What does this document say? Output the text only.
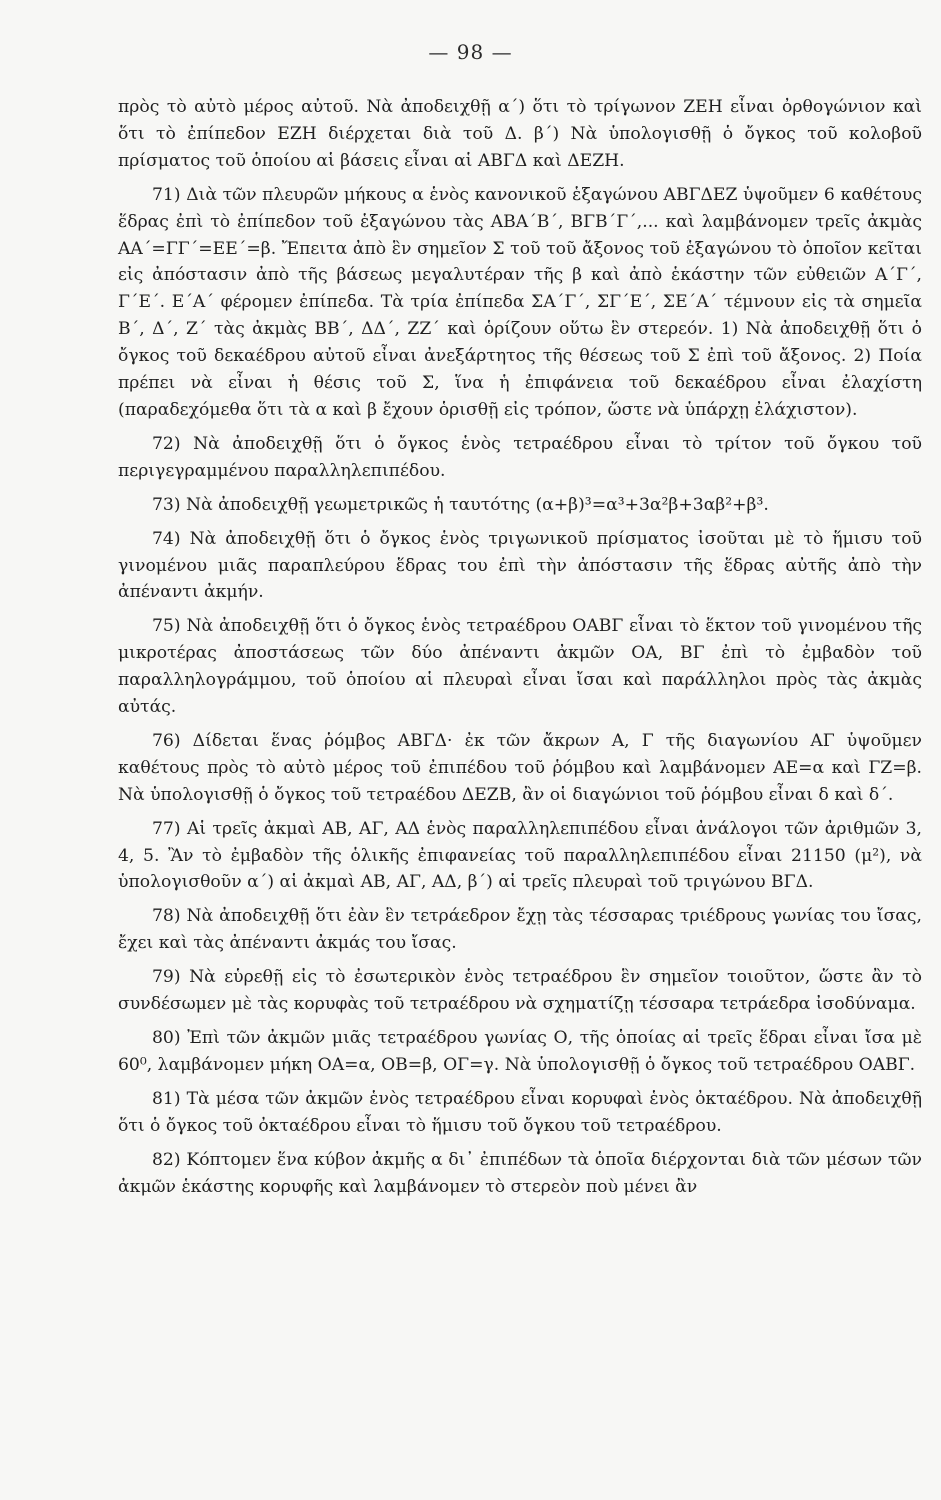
— 98 —

πρὸς τὸ αὐτὸ μέρος αὐτοῦ. Νὰ ἀποδειχθῇ α΄) ὅτι τὸ τρίγωνον ΖΕΗ εἶναι ὀρθογώνιον καὶ ὅτι τὸ ἐπίπεδον ΕΖΗ διέρχεται διὰ τοῦ Δ. β΄) Νὰ ὑπολογισθῇ ὁ ὄγκος τοῦ κολοβοῦ πρίσματος τοῦ ὁποίου αἱ βάσεις εἶναι αἱ ΑΒΓΔ καὶ ΔΕΖΗ.

71) Διὰ τῶν πλευρῶν μήκους α ἑνὸς κανονικοῦ ἑξαγώνου ΑΒΓΔΕΖ ὑψοῦμεν 6 καθέτους ἕδρας ἐπὶ τὸ ἐπίπεδον τοῦ ἑξαγώνου τὰς ΑΒΑ΄Β΄, ΒΓΒ΄Γ΄,... καὶ λαμβάνομεν τρεῖς ἀκμὰς ΑΑ΄=ΓΓ΄=ΕΕ΄=β. Ἔπειτα ἀπὸ ἓν σημεῖον Σ τοῦ τοῦ ἄξονος τοῦ ἑξαγώνου τὸ ὁποῖον κεῖται εἰς ἀπόστασιν ἀπὸ τῆς βάσεως μεγαλυτέραν τῆς β καὶ ἀπὸ ἑκάστην τῶν εὐθειῶν Α΄Γ΄, Γ΄Ε΄. Ε΄Α΄ φέρομεν ἐπίπεδα. Τὰ τρία ἐπίπεδα ΣΑ΄Γ΄, ΣΓ΄Ε΄, ΣΕ΄Α΄ τέμνουν εἰς τὰ σημεῖα Β΄, Δ΄, Ζ΄ τὰς ἀκμὰς ΒΒ΄, ΔΔ΄, ΖΖ΄ καὶ ὁρίζουν οὕτω ἓν στερεόν. 1) Νὰ ἀποδειχθῇ ὅτι ὁ ὄγκος τοῦ δεκαέδρου αὐτοῦ εἶναι ἀνεξάρτητος τῆς θέσεως τοῦ Σ ἐπὶ τοῦ ἄξονος. 2) Ποία πρέπει νὰ εἶναι ἡ θέσις τοῦ Σ, ἵνα ἡ ἐπιφάνεια τοῦ δεκαέδρου εἶναι ἐλαχίστη (παραδεχόμεθα ὅτι τὰ α καὶ β ἔχουν ὁρισθῇ εἰς τρόπον, ὥστε νὰ ὑπάρχῃ ἐλάχιστον).

72) Νὰ ἀποδειχθῇ ὅτι ὁ ὄγκος ἑνὸς τετραέδρου εἶναι τὸ τρίτον τοῦ ὄγκου τοῦ περιγεγραμμένου παραλληλεπιπέδου.

73) Νὰ ἀποδειχθῇ γεωμετρικῶς ἡ ταυτότης (α+β)³=α³+3α²β+3αβ²+β³.

74) Νὰ ἀποδειχθῇ ὅτι ὁ ὄγκος ἑνὸς τριγωνικοῦ πρίσματος ἰσοῦται μὲ τὸ ἥμισυ τοῦ γινομένου μιᾶς παραπλεύρου ἕδρας του ἐπὶ τὴν ἀπόστασιν τῆς ἕδρας αὐτῆς ἀπὸ τὴν ἀπέναντι ἀκμήν.

75) Νὰ ἀποδειχθῇ ὅτι ὁ ὄγκος ἑνὸς τετραέδρου ΟΑΒΓ εἶναι τὸ ἕκτον τοῦ γινομένου τῆς μικροτέρας ἀποστάσεως τῶν δύο ἀπέναντι ἀκμῶν ΟΑ, ΒΓ ἐπὶ τὸ ἐμβαδὸν τοῦ παραλληλογράμμου, τοῦ ὁποίου αἱ πλευραὶ εἶναι ἴσαι καὶ παράλληλοι πρὸς τὰς ἀκμὰς αὐτάς.

76) Δίδεται ἕνας ῥόμβος ΑΒΓΔ· ἐκ τῶν ἄκρων Α, Γ τῆς διαγωνίου ΑΓ ὑψοῦμεν καθέτους πρὸς τὸ αὐτὸ μέρος τοῦ ἐπιπέδου τοῦ ῥόμβου καὶ λαμβάνομεν ΑΕ=α καὶ ΓΖ=β. Νὰ ὑπολογισθῇ ὁ ὄγκος τοῦ τετραέδου ΔΕΖΒ, ἂν οἱ διαγώνιοι τοῦ ῥόμβου εἶναι δ καὶ δ΄.

77) Αἱ τρεῖς ἀκμαὶ ΑΒ, ΑΓ, ΑΔ ἑνὸς παραλληλεπιπέδου εἶναι ἀνάλογοι τῶν ἀριθμῶν 3, 4, 5. Ἂν τὸ ἐμβαδὸν τῆς ὁλικῆς ἐπιφανείας τοῦ παραλληλεπιπέδου εἶναι 21150 (μ²), νὰ ὑπολογισθοῦν α΄) αἱ ἀκμαὶ ΑΒ, ΑΓ, ΑΔ, β΄) αἱ τρεῖς πλευραὶ τοῦ τριγώνου ΒΓΔ.

78) Νὰ ἀποδειχθῇ ὅτι ἐὰν ἓν τετράεδρον ἔχῃ τὰς τέσσαρας τριέδρους γωνίας του ἴσας, ἔχει καὶ τὰς ἀπέναντι ἀκμάς του ἴσας.

79) Νὰ εὑρεθῇ εἰς τὸ ἐσωτερικὸν ἑνὸς τετραέδρου ἓν σημεῖον τοιοῦτον, ὥστε ἂν τὸ συνδέσωμεν μὲ τὰς κορυφὰς τοῦ τετραέδρου νὰ σχηματίζῃ τέσσαρα τετράεδρα ἰσοδύναμα.

80) Ἐπὶ τῶν ἀκμῶν μιᾶς τετραέδρου γωνίας Ο, τῆς ὁποίας αἱ τρεῖς ἕδραι εἶναι ἴσα μὲ 60⁰, λαμβάνομεν μήκη ΟΑ=α, ΟΒ=β, ΟΓ=γ. Νὰ ὑπολογισθῇ ὁ ὄγκος τοῦ τετραέδρου ΟΑΒΓ.

81) Τὰ μέσα τῶν ἀκμῶν ἑνὸς τετραέδρου εἶναι κορυφαὶ ἑνὸς ὀκταέδρου. Νὰ ἀποδειχθῇ ὅτι ὁ ὄγκος τοῦ ὀκταέδρου εἶναι τὸ ἥμισυ τοῦ ὄγκου τοῦ τετραέδρου.

82) Κόπτομεν ἕνα κύβον ἀκμῆς α δι᾿ ἐπιπέδων τὰ ὁποῖα διέρχονται διὰ τῶν μέσων τῶν ἀκμῶν ἑκάστης κορυφῆς καὶ λαμβάνομεν τὸ στερεὸν ποὺ μένει ἂν
